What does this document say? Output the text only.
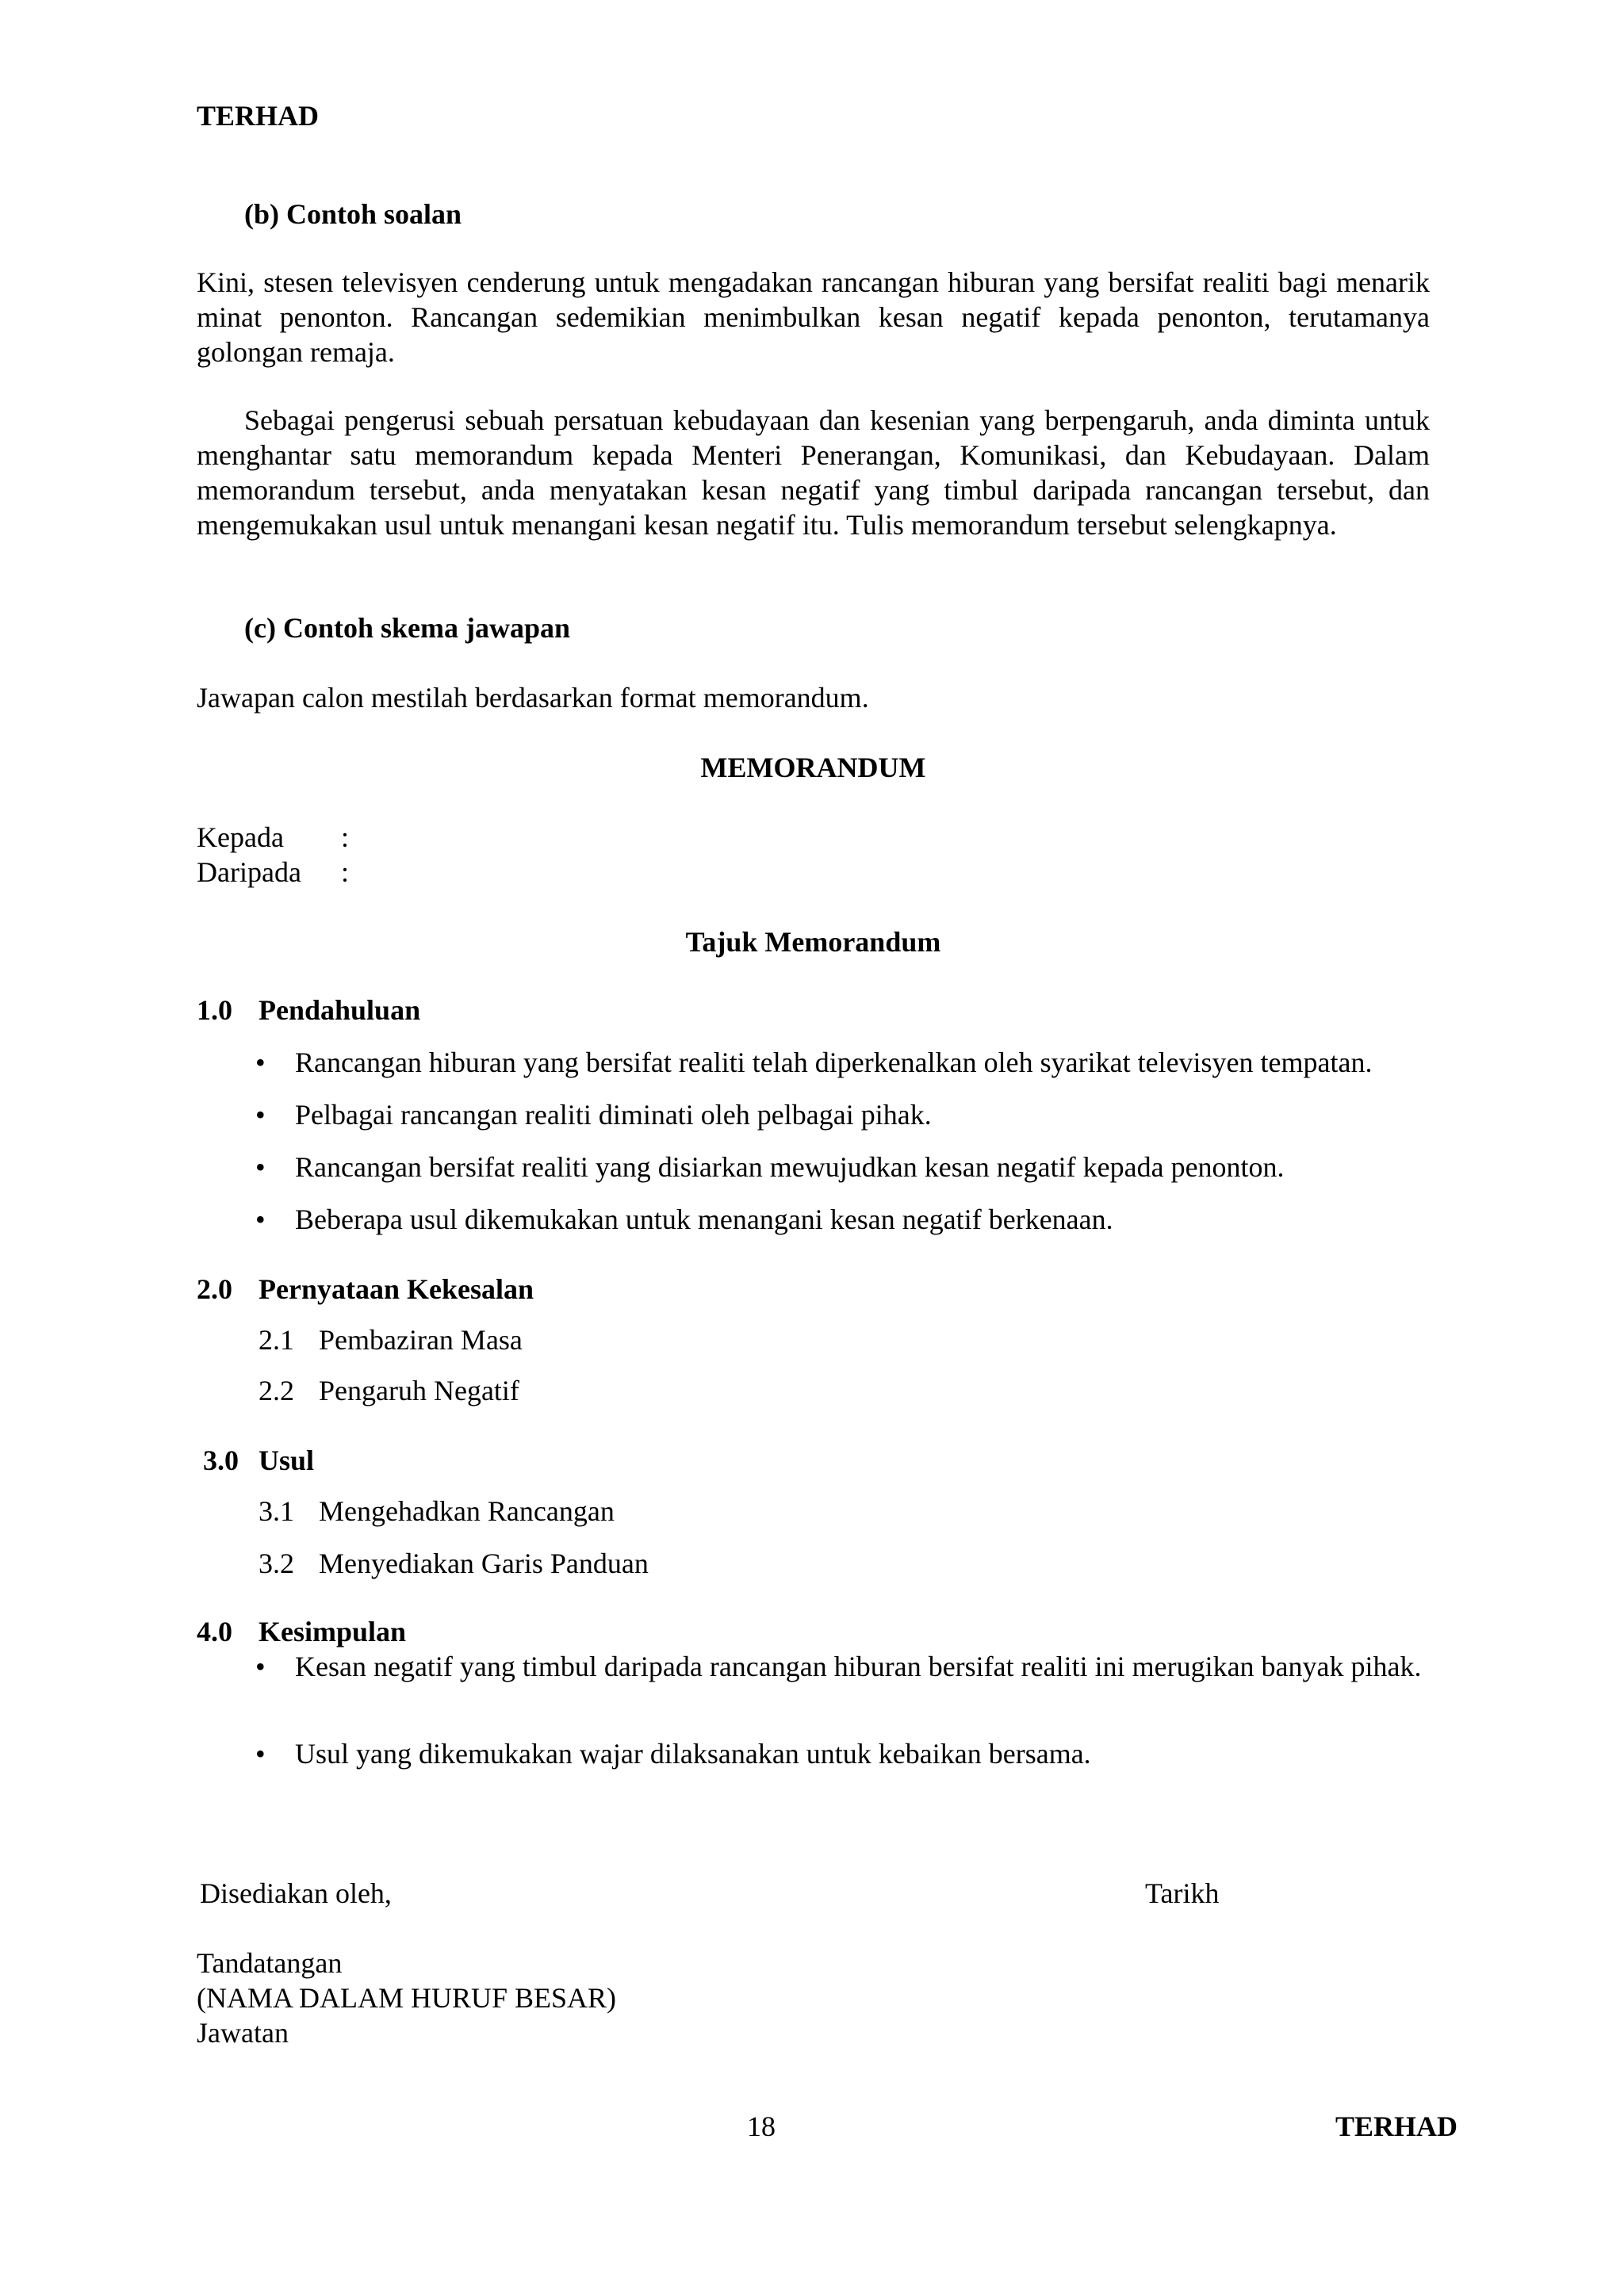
TERHAD
(b) Contoh soalan
Kini, stesen televisyen cenderung untuk mengadakan rancangan hiburan yang bersifat realiti bagi menarik minat penonton. Rancangan sedemikian menimbulkan kesan negatif kepada penonton, terutamanya golongan remaja.
Sebagai pengerusi sebuah persatuan kebudayaan dan kesenian yang berpengaruh, anda diminta untuk menghantar satu memorandum kepada Menteri Penerangan, Komunikasi, dan Kebudayaan. Dalam memorandum tersebut, anda menyatakan kesan negatif yang timbul daripada rancangan tersebut, dan mengemukakan usul untuk menangani kesan negatif itu. Tulis memorandum tersebut selengkapnya.
(c) Contoh skema jawapan
Jawapan calon mestilah berdasarkan format memorandum.
MEMORANDUM
Kepada :
Daripada :
Tajuk Memorandum
1.0 Pendahuluan
• Rancangan hiburan yang bersifat realiti telah diperkenalkan oleh syarikat televisyen tempatan.
• Pelbagai rancangan realiti diminati oleh pelbagai pihak.
• Rancangan bersifat realiti yang disiarkan mewujudkan kesan negatif kepada penonton.
• Beberapa usul dikemukakan untuk menangani kesan negatif berkenaan.
2.0 Pernyataan Kekesalan
2.1 Pembaziran Masa
2.2 Pengaruh Negatif
3.0 Usul
3.1 Mengehadkan Rancangan
3.2 Menyediakan Garis Panduan
4.0 Kesimpulan
• Kesan negatif yang timbul daripada rancangan hiburan bersifat realiti ini merugikan banyak pihak.
• Usul yang dikemukakan wajar dilaksanakan untuk kebaikan bersama.
Disediakan oleh,	Tarikh
Tandatangan
(NAMA DALAM HURUF BESAR)
Jawatan
18	TERHAD
